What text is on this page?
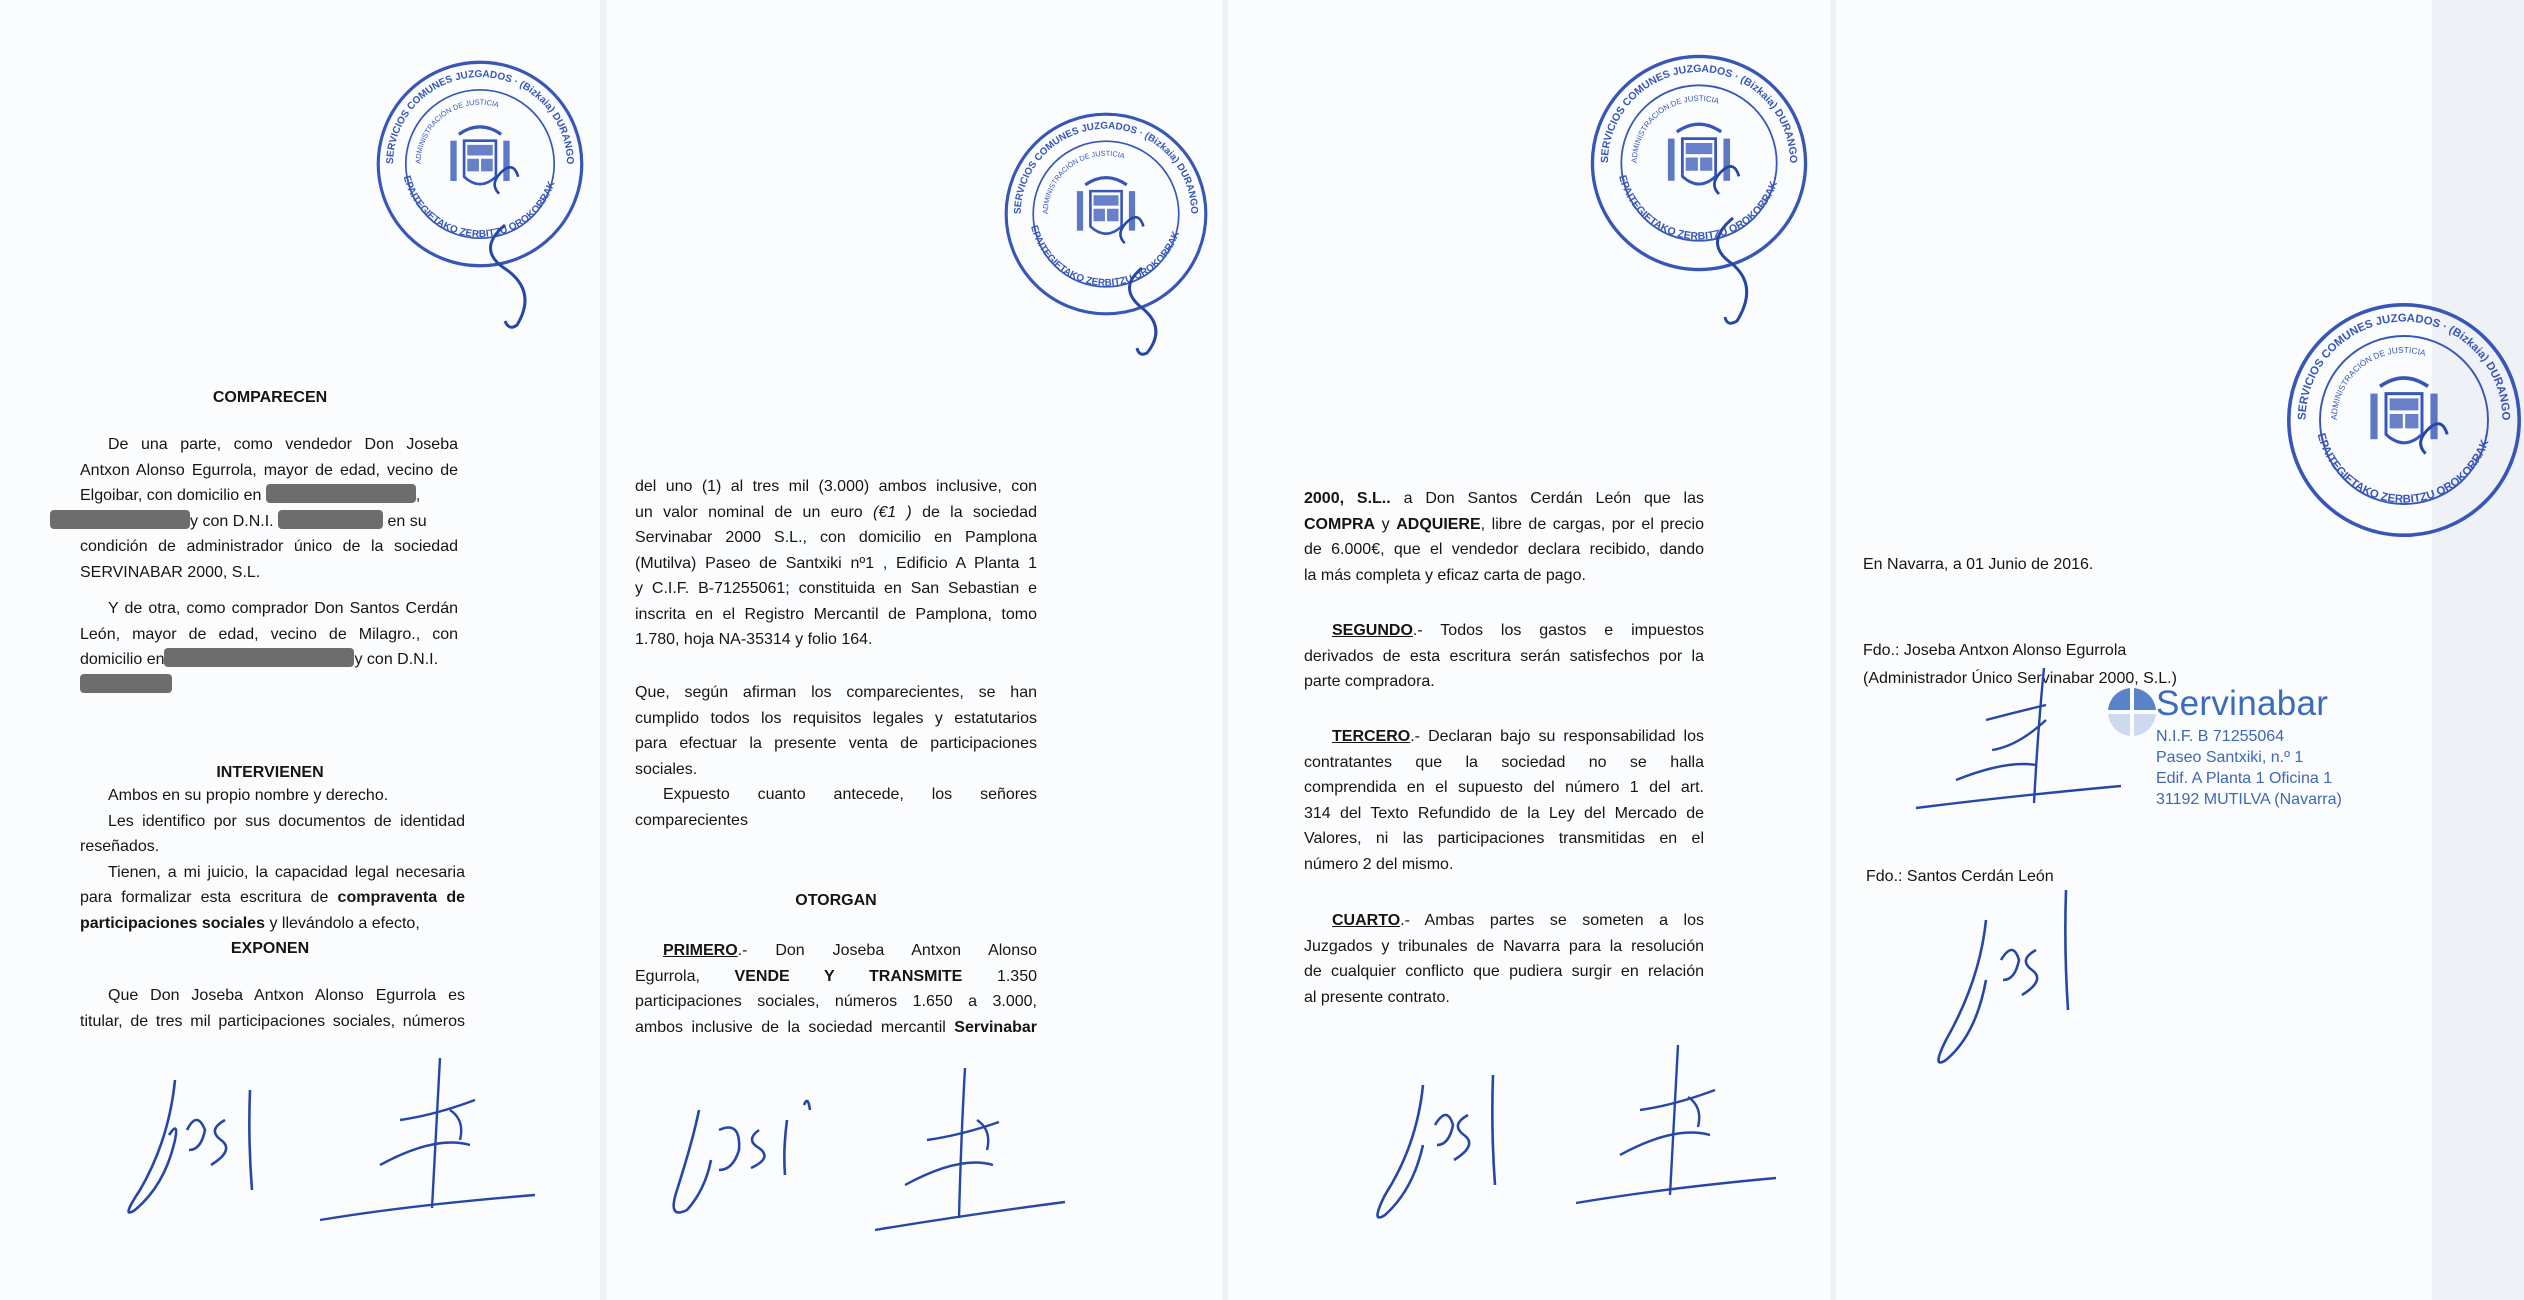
SERVICIOS COMUNES JUZGADOS · (Bizkaia) DURANGO
EPAITEGIETAKO ZERBITZU OROKORRAK ·
ADMINISTRACIÓN DE JUSTICIA
COMPARECEN
De una parte, como vendedor Don Joseba
Antxon Alonso Egurrola, mayor de edad, vecino de
Elgoibar, con domicilio en	,
y con D.N.I.	en su
condición de administrador único de la sociedad
SERVINABAR 2000, S.L.
Y de otra, como comprador Don Santos Cerdán
León, mayor de edad, vecino de Milagro., con
domicilio en	y con D.N.I.
INTERVIENEN
Ambos en su propio nombre y derecho.
Les identifico por sus documentos de identidad
reseñados.
Tienen, a mi juicio, la capacidad legal necesaria
para formalizar esta escritura de compraventa de
participaciones sociales y llevándolo a efecto,
EXPONEN
Que Don Joseba Antxon Alonso Egurrola es
titular, de tres mil participaciones sociales, números
SERVICIOS COMUNES JUZGADOS · (Bizkaia) DURANGO
EPAITEGIETAKO ZERBITZU OROKORRAK ·
ADMINISTRACIÓN DE JUSTICIA
del uno (1) al tres mil (3.000) ambos inclusive, con
un valor nominal de un euro (€1 ) de la sociedad
Servinabar 2000 S.L., con domicilio en Pamplona
(Mutilva) Paseo de Santxiki nº1 , Edificio A Planta 1
y C.I.F. B-71255061; constituida en San Sebastian e
inscrita en el Registro Mercantil de Pamplona, tomo
1.780, hoja NA-35314 y folio 164.
Que, según afirman los comparecientes, se han
cumplido todos los requisitos legales y estatutarios
para efectuar la presente venta de participaciones
sociales.
Expuesto cuanto antecede, los señores
comparecientes
OTORGAN
PRIMERO.- Don Joseba Antxon Alonso
Egurrola, VENDE Y TRANSMITE 1.350
participaciones sociales, números 1.650 a 3.000,
ambos inclusive de la sociedad mercantil Servinabar
SERVICIOS COMUNES JUZGADOS · (Bizkaia) DURANGO
EPAITEGIETAKO ZERBITZU OROKORRAK ·
ADMINISTRACIÓN DE JUSTICIA
2000, S.L.. a Don Santos Cerdán León que las
COMPRA y ADQUIERE, libre de cargas, por el precio
de 6.000€, que el vendedor declara recibido, dando
la más completa y eficaz carta de pago.
SEGUNDO.- Todos los gastos e impuestos
derivados de esta escritura serán satisfechos por la
parte compradora.
TERCERO.- Declaran bajo su responsabilidad los
contratantes que la sociedad no se halla
comprendida en el supuesto del número 1 del art.
314 del Texto Refundido de la Ley del Mercado de
Valores, ni las participaciones transmitidas en el
número 2 del mismo.
CUARTO.- Ambas partes se someten a los
Juzgados y tribunales de Navarra para la resolución
de cualquier conflicto que pudiera surgir en relación
al presente contrato.
SERVICIOS COMUNES JUZGADOS · (Bizkaia) DURANGO
EPAITEGIETAKO ZERBITZU OROKORRAK ·
ADMINISTRACIÓN DE JUSTICIA
En Navarra, a 01 Junio de 2016.
Fdo.: Joseba Antxon Alonso Egurrola
(Administrador Único Servinabar 2000, S.L.)
Servinabar
N.I.F. B 71255064
Paseo Santxiki, n.º 1
Edif. A Planta 1 Oficina 1
31192 MUTILVA (Navarra)
Fdo.: Santos Cerdán León
